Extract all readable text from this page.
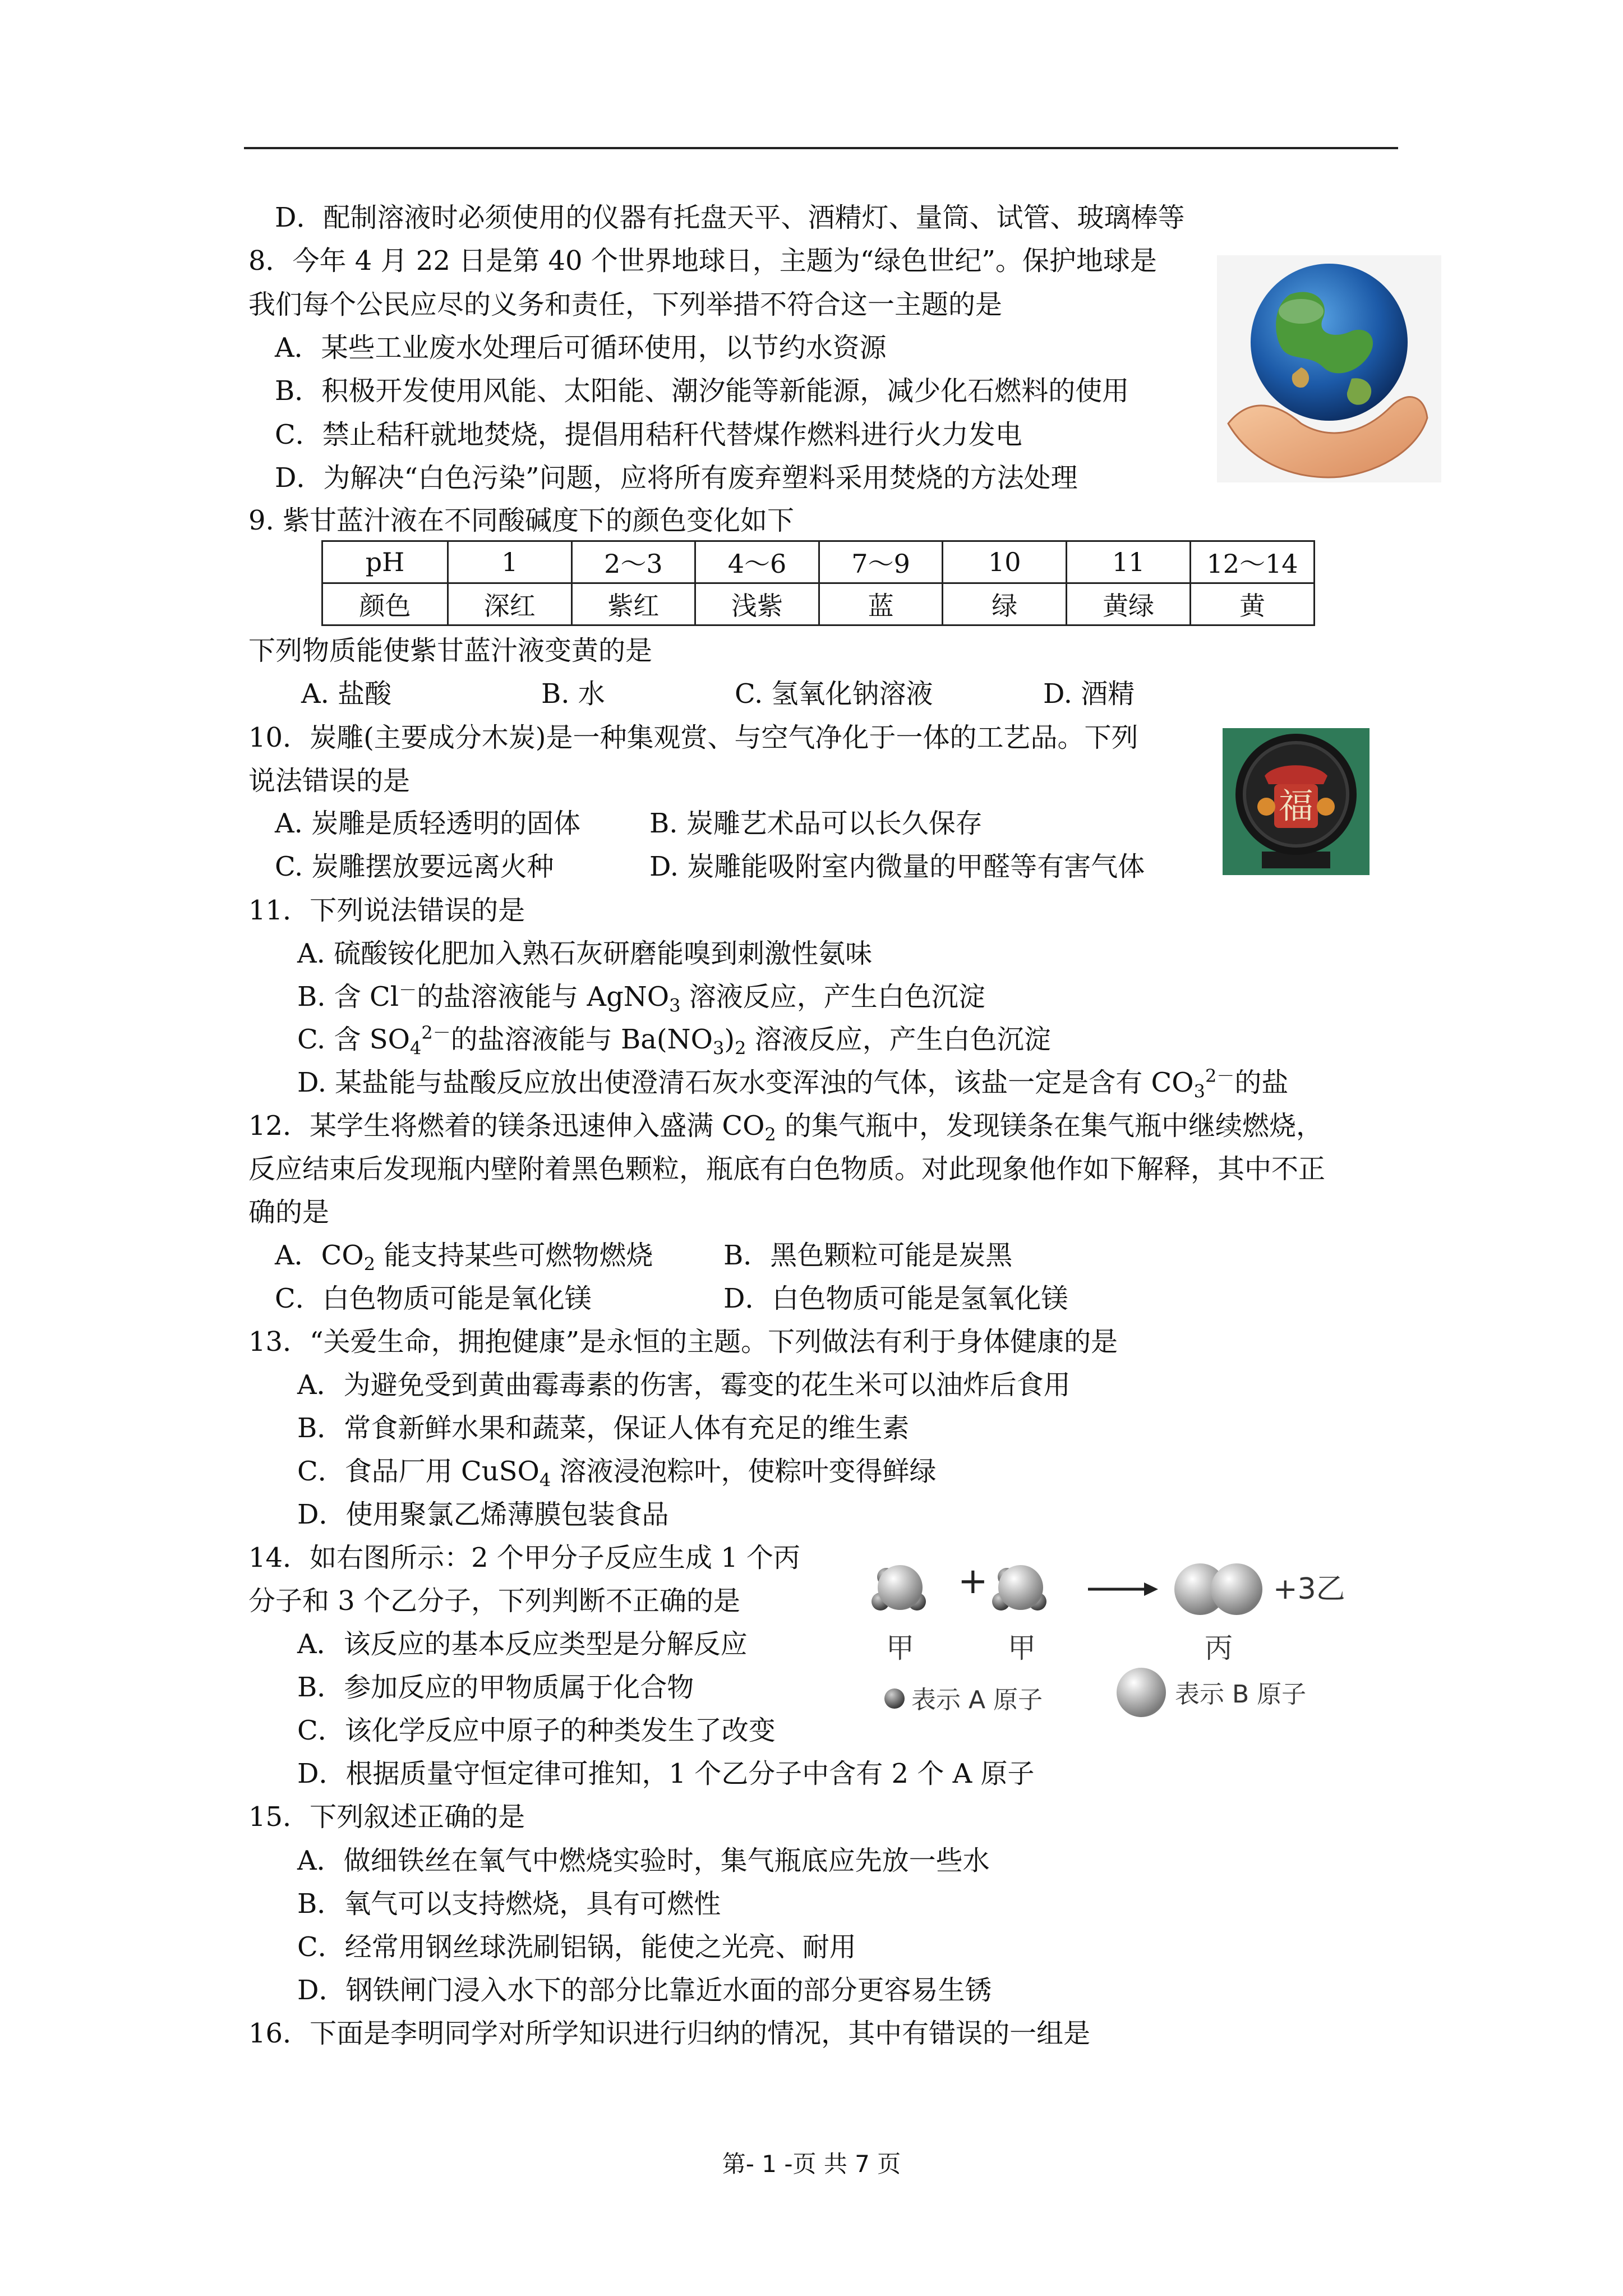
D．配制溶液时必须使用的仪器有托盘天平、酒精灯、量筒、试管、玻璃棒等
8．今年 4 月 22 日是第 40 个世界地球日，主题为“绿色世纪”。保护地球是
我们每个公民应尽的义务和责任，下列举措不符合这一主题的是
A．某些工业废水处理后可循环使用，以节约水资源
B．积极开发使用风能、太阳能、潮汐能等新能源，减少化石燃料的使用
C．禁止秸秆就地焚烧，提倡用秸秆代替煤作燃料进行火力发电
D．为解决“白色污染”问题，应将所有废弃塑料采用焚烧的方法处理
9. 紫甘蓝汁液在不同酸碱度下的颜色变化如下
pH	1	2～3	4～6	7～9	10	11	12～14
颜色	深红	紫红	浅紫	蓝	绿	黄绿	黄
下列物质能使紫甘蓝汁液变黄的是
A. 盐酸	B. 水	C. 氢氧化钠溶液	D. 酒精
10．炭雕(主要成分木炭)是一种集观赏、与空气净化于一体的工艺品。下列
说法错误的是
A. 炭雕是质轻透明的固体	B. 炭雕艺术品可以长久保存
C. 炭雕摆放要远离火种	D. 炭雕能吸附室内微量的甲醛等有害气体
福
11．下列说法错误的是
A. 硫酸铵化肥加入熟石灰研磨能嗅到刺激性氨味
B. 含 Cl－的盐溶液能与 AgNO$_3$ 溶液反应，产生白色沉淀
C. 含 $SO_4^{2-}$的盐溶液能与 $Ba(NO_3)_2$ 溶液反应，产生白色沉淀
D. 某盐能与盐酸反应放出使澄清石灰水变浑浊的气体，该盐一定是含有 $CO_3^{2-}$的盐
12．某学生将燃着的镁条迅速伸入盛满 $CO_2$ 的集气瓶中，发现镁条在集气瓶中继续燃烧，
反应结束后发现瓶内壁附着黑色颗粒，瓶底有白色物质。对此现象他作如下解释，其中不正
确的是
A．$CO_2$ 能支持某些可燃物燃烧	B．黑色颗粒可能是炭黑
C．白色物质可能是氧化镁	D．白色物质可能是氢氧化镁
13．“关爱生命，拥抱健康”是永恒的主题。下列做法有利于身体健康的是
A．为避免受到黄曲霉毒素的伤害，霉变的花生米可以油炸后食用
B．常食新鲜水果和蔬菜，保证人体有充足的维生素
C．食品厂用 CuSO$_4$ 溶液浸泡粽叶，使粽叶变得鲜绿
D．使用聚氯乙烯薄膜包装食品
14．如右图所示：2 个甲分子反应生成 1 个丙
分子和 3 个乙分子，下列判断不正确的是
A．该反应的基本反应类型是分解反应
B．参加反应的甲物质属于化合物
C．该化学反应中原子的种类发生了改变
D．根据质量守恒定律可推知，1 个乙分子中含有 2 个 A 原子
+	+3乙
甲	甲	丙
表示 A 原子	表示 B 原子
15．下列叙述正确的是
A．做细铁丝在氧气中燃烧实验时，集气瓶底应先放一些水
B．氧气可以支持燃烧，具有可燃性
C．经常用钢丝球洗刷铝锅，能使之光亮、耐用
D．钢铁闸门浸入水下的部分比靠近水面的部分更容易生锈
16．下面是李明同学对所学知识进行归纳的情况，其中有错误的一组是
第- 1 -页 共 7 页
